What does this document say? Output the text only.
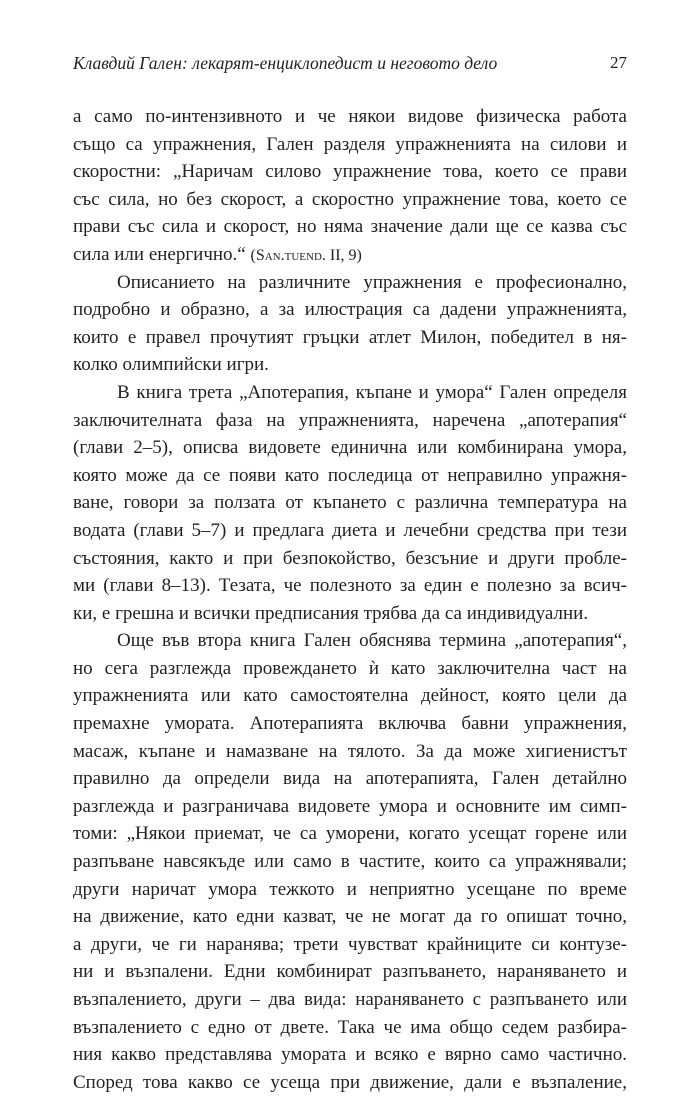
Клавдий Гален: лекарят-енциклопедист и неговото дело	27
а само по-интензивното и че някои видове физическа работа
също са упражнения, Гален разделя упражненията на силови и
скоростни: „Наричам силово упражнение това, което се прави
със сила, но без скорост, а скоростно упражнение това, което се
прави със сила и скорост, но няма значение дали ще се казва със
сила или енергично.“ (San.tuend. II, 9)
Описанието на различните упражнения е професионално,
подробно и образно, а за илюстрация са дадени упражненията,
които е правел прочутият гръцки атлет Милон, победител в ня-
колко олимпийски игри.
В книга трета „Апотерапия, къпане и умора“ Гален определя
заключителната фаза на упражненията, наречена „апотерапия“
(глави 2–5), описва видовете единична или комбинирана умора,
която може да се появи като последица от неправилно упражня-
ване, говори за ползата от къпането с различна температура на
водата (глави 5–7) и предлага диета и лечебни средства при тези
състояния, както и при безпокойство, безсъние и други пробле-
ми (глави 8–13). Тезата, че полезното за един е полезно за всич-
ки, е грешна и всички предписания трябва да са индивидуални.
Още във втора книга Гален обяснява термина „апотерапия“,
но сега разглежда провеждането ѝ като заключителна част на
упражненията или като самостоятелна дейност, която цели да
премахне умората. Апотерапията включва бавни упражнения,
масаж, къпане и намазване на тялото. За да може хигиенистът
правилно да определи вида на апотерапията, Гален детайлно
разглежда и разграничава видовете умора и основните им симп-
томи: „Някои приемат, че са уморени, когато усещат горене или
разпъване навсякъде или само в частите, които са упражнявали;
други наричат умора тежкото и неприятно усещане по време
на движение, като едни казват, че не могат да го опишат точно,
а други, че ги наранява; трети чувстват крайниците си контузе-
ни и възпалени. Едни комбинират разпъването, нараняването и
възпалението, други – два вида: нараняването с разпъването или
възпалението с едно от двете. Така че има общо седем разбира-
ния какво представлява умората и всяко е вярно само частично.
Според това какво се усеща при движение, дали е възпаление,
